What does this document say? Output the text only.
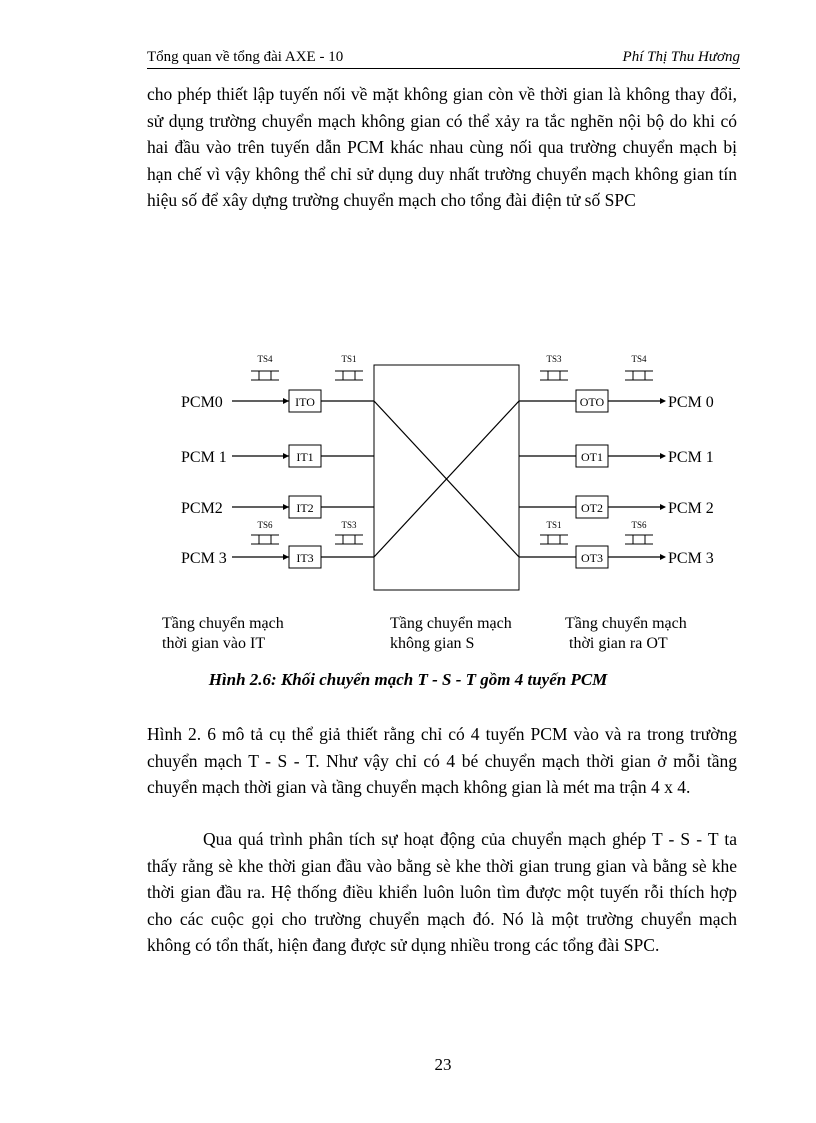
Tổng quan về tổng đài AXE - 10	Phí Thị Thu Hương

cho phép thiết lập tuyến nối về mặt không gian còn về thời gian là không thay đổi, sử dụng trường chuyển mạch không gian có thể xảy ra tắc nghẽn nội bộ do khi có hai đầu vào trên tuyến dẫn PCM khác nhau cùng nối qua trường chuyển mạch bị hạn chế vì vậy không thể chỉ sử dụng duy nhất trường chuyển mạch không gian tín hiệu số để xây dựng trường chuyển mạch cho tổng đài điện tử số SPC

PCM0	ITO
PCM 1	IT1
PCM2	IT2
PCM 3	IT3
OTO	PCM 0
OT1	PCM 1
OT2	PCM 2
OT3	PCM 3
TS4	TS1	TS3	TS4
TS6	TS3	TS1	TS6
Tầng chuyển mạch
thời gian vào IT
Tầng chuyển mạch
không gian S
Tầng chuyển mạch
thời gian ra OT
Hình 2.6: Khối chuyển mạch T - S - T gồm 4 tuyến PCM

Hình 2. 6 mô tả cụ thể giả thiết rằng chỉ có 4 tuyến PCM vào và ra trong trường chuyển mạch T - S - T. Như vậy chỉ có 4 bé chuyển mạch thời gian ở mỗi tầng chuyển mạch thời gian và tầng chuyển mạch không gian là mét ma trận 4 x 4.

Qua quá trình phân tích sự hoạt động của chuyển mạch ghép T - S - T ta thấy rằng sè khe thời gian đầu vào bằng sè khe thời gian trung gian và bằng sè khe thời gian đầu ra. Hệ thống điều khiển luôn luôn tìm được một tuyến rỗi thích hợp cho các cuộc gọi cho trường chuyển mạch đó. Nó là một trường chuyển mạch không có tổn thất, hiện đang được sử dụng nhiều trong các tổng đài SPC.

23
